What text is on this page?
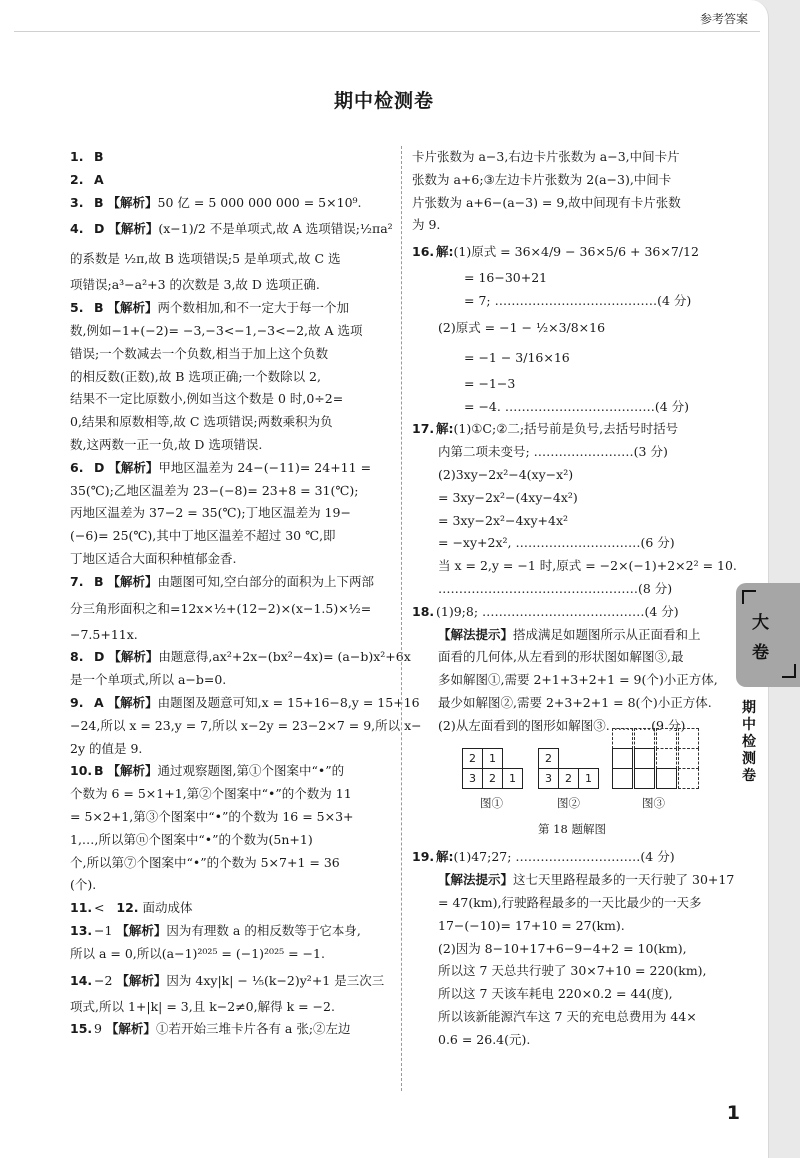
参考答案
期中检测卷
1. B
2. A
3. B 【解析】50 亿 = 5 000 000 000 = 5×10⁹.
4. D 【解析】(x−1)/2 不是单项式,故 A 选项错误;½πa²
的系数是 ½π,故 B 选项错误;5 是单项式,故 C 选
项错误;a³−a²+3 的次数是 3,故 D 选项正确.
5. B 【解析】两个数相加,和不一定大于每一个加
数,例如−1+(−2)= −3,−3<−1,−3<−2,故 A 选项
错误;一个数减去一个负数,相当于加上这个负数
的相反数(正数),故 B 选项正确;一个数除以 2,
结果不一定比原数小,例如当这个数是 0 时,0÷2=
0,结果和原数相等,故 C 选项错误;两数乘积为负
数,这两数一正一负,故 D 选项错误.
6. D 【解析】甲地区温差为 24−(−11)= 24+11 =
35(℃);乙地区温差为 23−(−8)= 23+8 = 31(℃);
丙地区温差为 37−2 = 35(℃);丁地区温差为 19−
(−6)= 25(℃),其中丁地区温差不超过 30 ℃,即
丁地区适合大面积种植郁金香.
7. B 【解析】由题图可知,空白部分的面积为上下两部
分三角形面积之和=12x×½+(12−2)×(x−1.5)×½=
−7.5+11x.
8. D 【解析】由题意得,ax²+2x−(bx²−4x)= (a−b)x²+6x
是一个单项式,所以 a−b=0.
9. A 【解析】由题图及题意可知,x = 15+16−8,y = 15+16
−24,所以 x = 23,y = 7,所以 x−2y = 23−2×7 = 9,所以 x−
2y 的值是 9.
10. B 【解析】通过观察题图,第①个图案中“•”的
个数为 6 = 5×1+1,第②个图案中“•”的个数为 11
= 5×2+1,第③个图案中“•”的个数为 16 = 5×3+
1,…,所以第ⓝ个图案中“•”的个数为(5n+1)
个,所以第⑦个图案中“•”的个数为 5×7+1 = 36
(个).
11. < 12. 面动成体
13. −1 【解析】因为有理数 a 的相反数等于它本身,
所以 a = 0,所以(a−1)²⁰²⁵ = (−1)²⁰²⁵ = −1.
14. −2 【解析】因为 4xy|k| − ⅕(k−2)y²+1 是三次三
项式,所以 1+|k| = 3,且 k−2≠0,解得 k = −2.
15. 9 【解析】①若开始三堆卡片各有 a 张;②左边
卡片张数为 a−3,右边卡片张数为 a−3,中间卡片
张数为 a+6;③左边卡片张数为 2(a−3),中间卡
片张数为 a+6−(a−3) = 9,故中间现有卡片张数
为 9.
16. 解:(1)原式 = 36×4/9 − 36×5/6 + 36×7/12
= 16−30+21
= 7; …………………………………(4 分)
(2)原式 = −1 − ½×3/8×16
= −1 − 3/16×16
= −1−3
= −4. ………………………………(4 分)
17. 解:(1)①C;②二;括号前是负号,去括号时括号
内第二项未变号; ……………………(3 分)
(2)3xy−2x²−4(xy−x²)
= 3xy−2x²−(4xy−4x²)
= 3xy−2x²−4xy+4x²
= −xy+2x², …………………………(6 分)
当 x = 2,y = −1 时,原式 = −2×(−1)+2×2² = 10.
…………………………………………(8 分)
18. (1)9;8; …………………………………(4 分)
【解法提示】搭成满足如题图所示从正面看和上
面看的几何体,从左看到的形状图如解图③,最
多如解图①,需要 2+1+3+2+1 = 9(个)小正方体,
最少如解图②,需要 2+3+2+1 = 8(个)小正方体.
(2)从左面看到的图形如解图③. ………(9 分)
2	1
3	2	1
图①
2
3	2	1
图②	图③
第 18 题解图
19. 解:(1)47;27; …………………………(4 分)
【解法提示】这七天里路程最多的一天行驶了 30+17
= 47(km),行驶路程最多的一天比最少的一天多
17−(−10)= 17+10 = 27(km).
(2)因为 8−10+17+6−9−4+2 = 10(km),
所以这 7 天总共行驶了 30×7+10 = 220(km),
所以这 7 天该车耗电 220×0.2 = 44(度),
所以该新能源汽车这 7 天的充电总费用为 44×
0.6 = 26.4(元).
大
卷
期中检测卷
1
